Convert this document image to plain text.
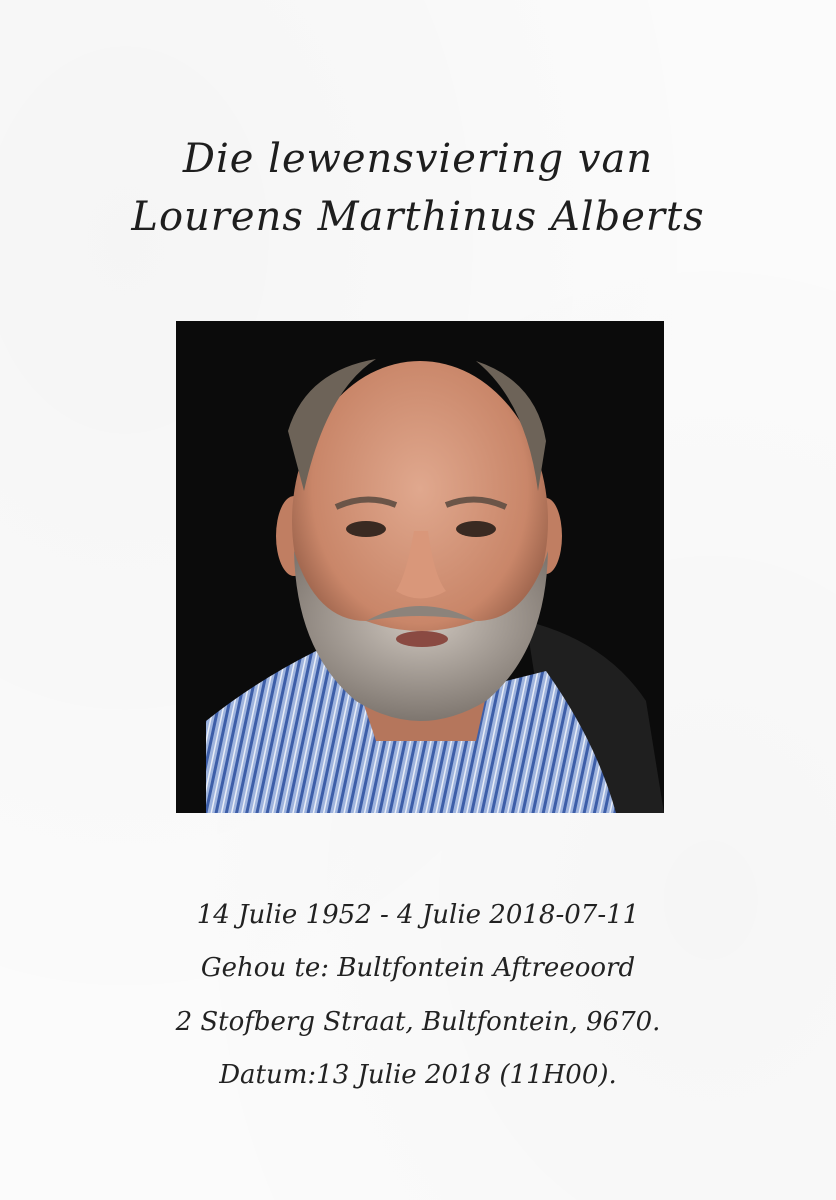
Die lewensviering van
Lourens Marthinus Alberts
14 Julie 1952 - 4 Julie 2018-07-11
Gehou te: Bultfontein Aftreeoord
2 Stofberg Straat, Bultfontein, 9670.
Datum:13 Julie 2018 (11H00).
